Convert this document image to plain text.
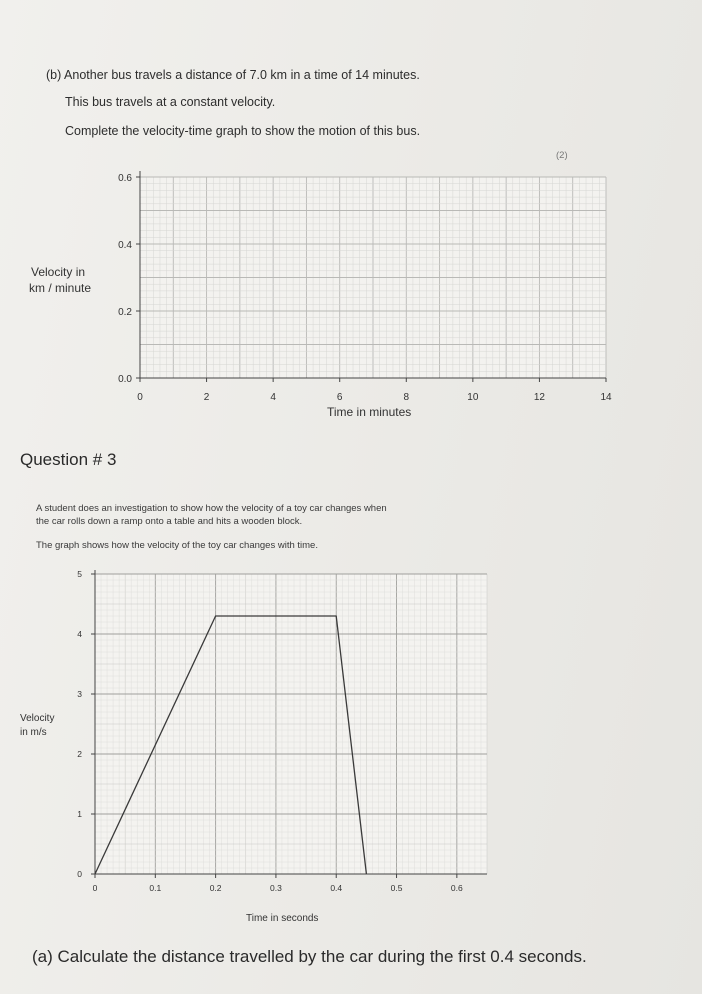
(b) Another bus travels a distance of 7.0 km in a time of 14 minutes.
This bus travels at a constant velocity.
Complete the velocity-time graph to show the motion of this bus.
(2)
0	2	4	6	8	10	12	14
0.0
0.2
0.4
0.6
Velocity in
km / minute
Time in minutes
Question # 3
A student does an investigation to show how the velocity of a toy car changes when
the car rolls down a ramp onto a table and hits a wooden block.
The graph shows how the velocity of the toy car changes with time.
0	0.1	0.2	0.3	0.4	0.5	0.6
0
1
2
3
4
5
Velocity
in m/s
Time in seconds
(a) Calculate the distance travelled by the car during the first 0.4 seconds.
